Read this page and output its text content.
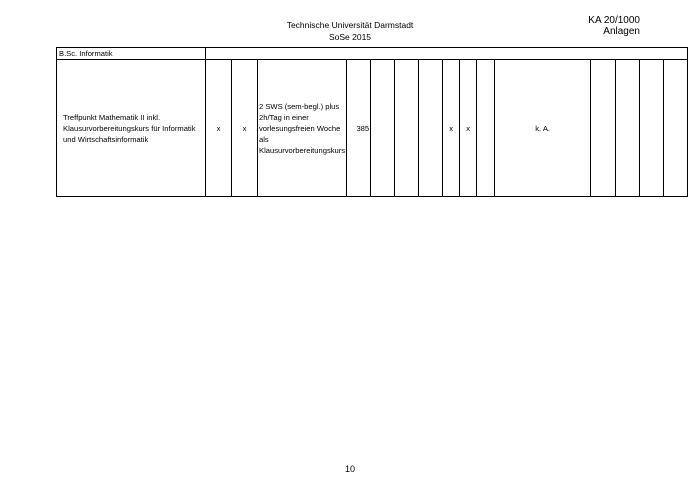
Technische Universität Darmstadt
SoSe 2015
KA 20/1000
Anlagen
B.Sc. Informatik															
Treffpunkt Mathematik II inkl. Klausurvorbereitungskurs für Informatik und Wirtschaftsinformatik	x	x	2 SWS (sem-begl.) plus 2h/Tag in einer vorlesungsfreien Woche als Klausurvorbereitungskurs	385				x	x		k. A.				
10
